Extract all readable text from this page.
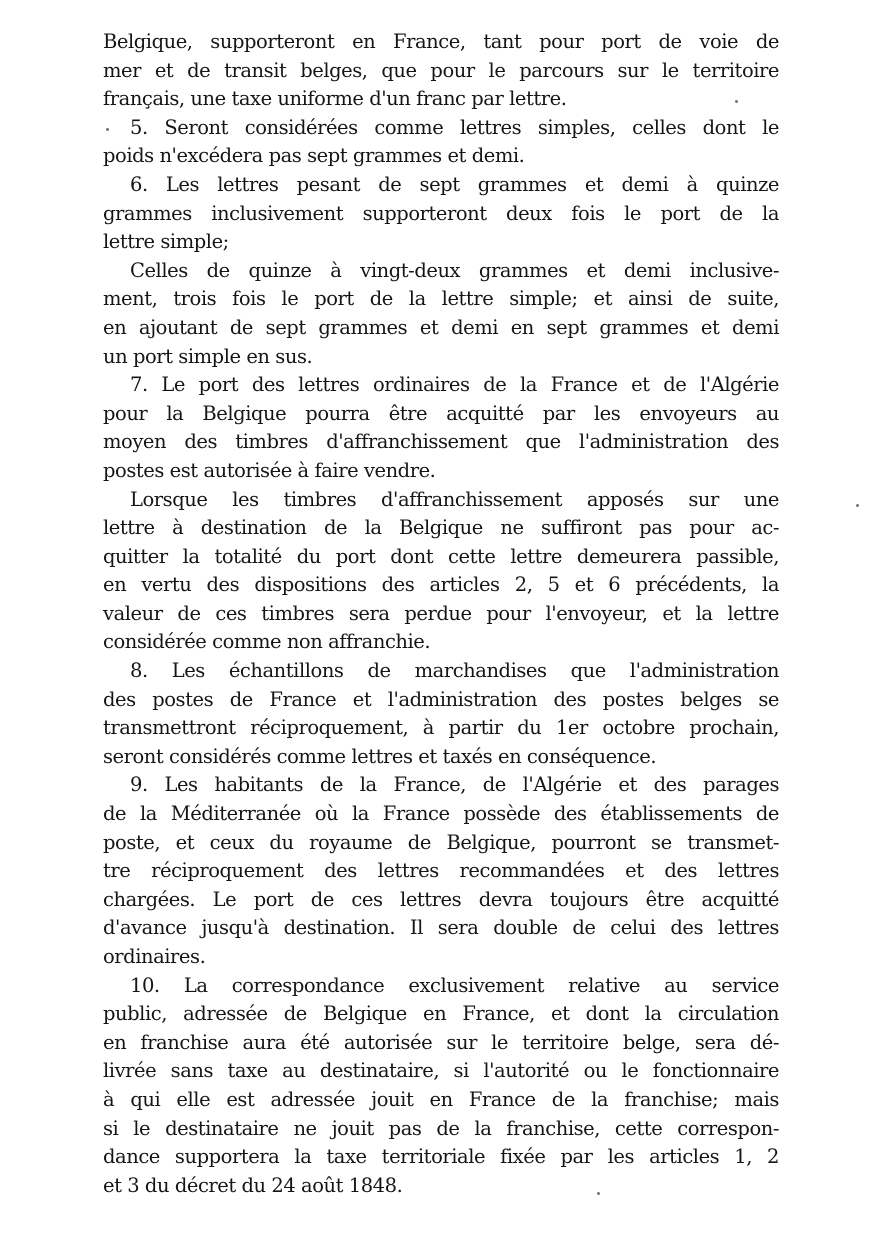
Belgique, supporteront en France, tant pour port de voie de
mer et de transit belges, que pour le parcours sur le territoire
français, une taxe uniforme d'un franc par lettre.

5. Seront considérées comme lettres simples, celles dont le
poids n'excédera pas sept grammes et demi.

6. Les lettres pesant de sept grammes et demi à quinze
grammes inclusivement supporteront deux fois le port de la
lettre simple;

Celles de quinze à vingt-deux grammes et demi inclusive-
ment, trois fois le port de la lettre simple; et ainsi de suite,
en ajoutant de sept grammes et demi en sept grammes et demi
un port simple en sus.

7. Le port des lettres ordinaires de la France et de l'Algérie
pour la Belgique pourra être acquitté par les envoyeurs au
moyen des timbres d'affranchissement que l'administration des
postes est autorisée à faire vendre.

Lorsque les timbres d'affranchissement apposés sur une
lettre à destination de la Belgique ne suffiront pas pour ac-
quitter la totalité du port dont cette lettre demeurera passible,
en vertu des dispositions des articles 2, 5 et 6 précédents, la
valeur de ces timbres sera perdue pour l'envoyeur, et la lettre
considérée comme non affranchie.

8. Les échantillons de marchandises que l'administration
des postes de France et l'administration des postes belges se
transmettront réciproquement, à partir du 1er octobre prochain,
seront considérés comme lettres et taxés en conséquence.

9. Les habitants de la France, de l'Algérie et des parages
de la Méditerranée où la France possède des établissements de
poste, et ceux du royaume de Belgique, pourront se transmet-
tre réciproquement des lettres recommandées et des lettres
chargées. Le port de ces lettres devra toujours être acquitté
d'avance jusqu'à destination. Il sera double de celui des lettres
ordinaires.

10. La correspondance exclusivement relative au service
public, adressée de Belgique en France, et dont la circulation
en franchise aura été autorisée sur le territoire belge, sera dé-
livrée sans taxe au destinataire, si l'autorité ou le fonctionnaire
à qui elle est adressée jouit en France de la franchise; mais
si le destinataire ne jouit pas de la franchise, cette correspon-
dance supportera la taxe territoriale fixée par les articles 1, 2
et 3 du décret du 24 août 1848.
